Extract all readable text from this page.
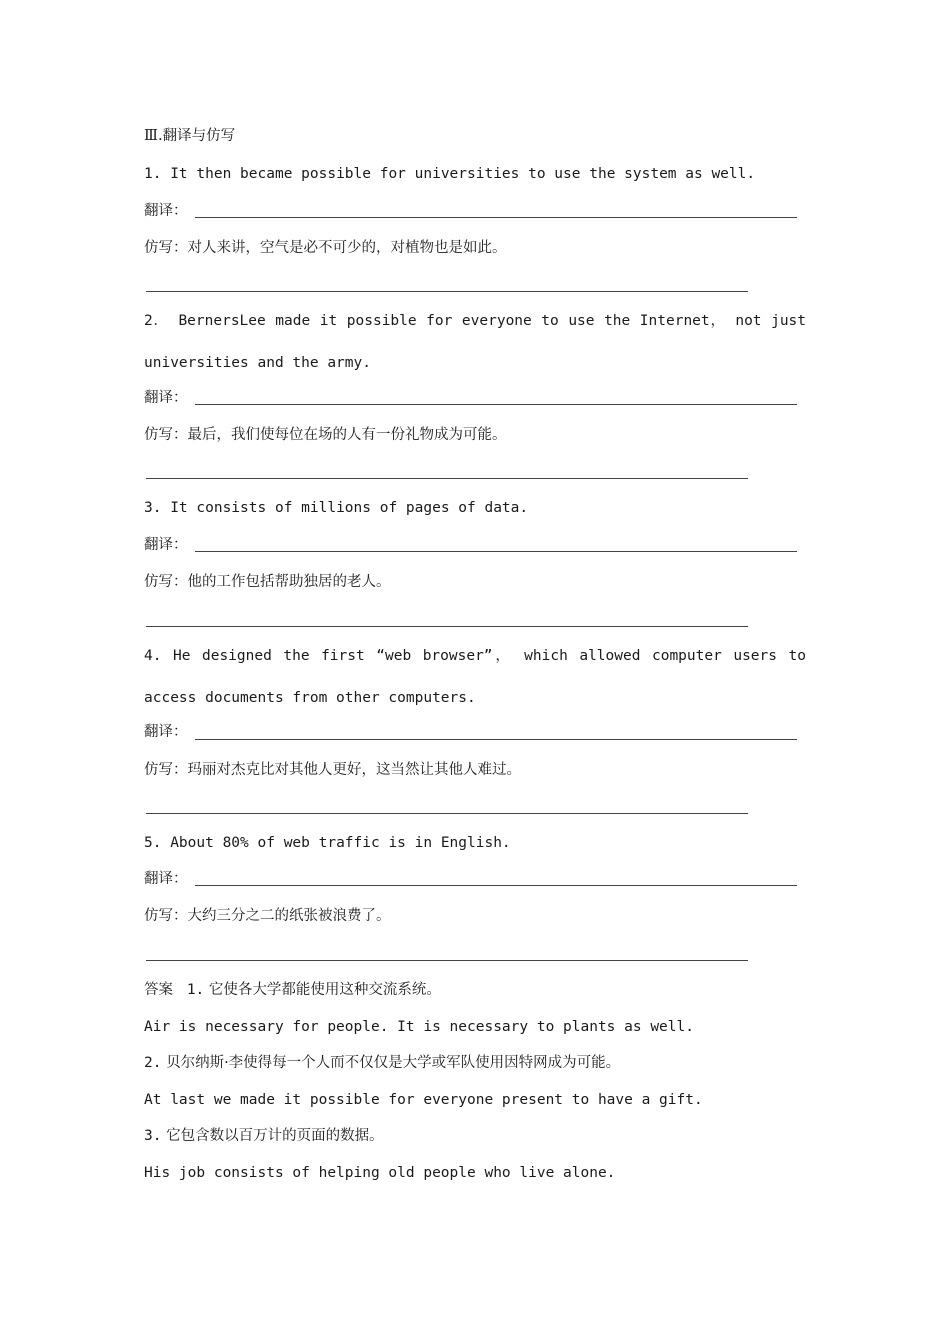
Ⅲ.翻译与仿写
1. It then became possible for universities to use the system as well.
翻译：
仿写：对人来讲，空气是必不可少的，对植物也是如此。
2． BernersLee made it possible for everyone to use the Internet， not just
universities and the army.
翻译：
仿写：最后，我们使每位在场的人有一份礼物成为可能。
3. It consists of millions of pages of data.
翻译：
仿写：他的工作包括帮助独居的老人。
4. He designed the first “web browser”， which allowed computer users to
access documents from other computers.
翻译：
仿写：玛丽对杰克比对其他人更好，这当然让其他人难过。
5. About 80% of web traffic is in English.
翻译：
仿写：大约三分之二的纸张被浪费了。
答案 1. 它使各大学都能使用这种交流系统。
Air is necessary for people. It is necessary to plants as well.
2. 贝尔纳斯·李使得每一个人而不仅仅是大学或军队使用因特网成为可能。
At last we made it possible for everyone present to have a gift.
3. 它包含数以百万计的页面的数据。
His job consists of helping old people who live alone.
